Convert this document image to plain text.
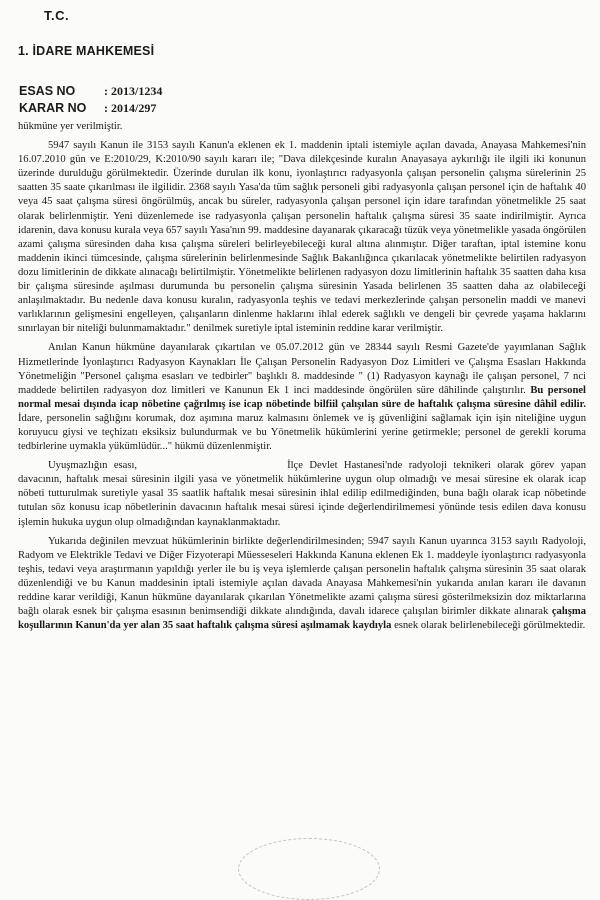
T.C.
1. İDARE MAHKEMESİ
ESAS NO : 2013/1234
KARAR NO : 2014/297

hükmüne yer verilmiştir.

5947 sayılı Kanun ile 3153 sayılı Kanun'a eklenen ek 1. maddenin iptali istemiyle açılan davada, Anayasa Mahkemesi'nin 16.07.2010 gün ve E:2010/29, K:2010/90 sayılı kararı ile; "Dava dilekçesinde kuralın Anayasaya aykırılığı ile ilgili iki konunun üzerinde durulduğu görülmektedir. Üzerinde durulan ilk konu, iyonlaştırıcı radyasyonla çalışan personelin çalışma sürelerinin 25 saatten 35 saate çıkarılması ile ilgilidir. 2368 sayılı Yasa'da tüm sağlık personeli gibi radyasyonla çalışan personel için de haftalık 40 veya 45 saat çalışma süresi öngörülmüş, ancak bu süreler, radyasyonla çalışan personel için idare tarafından yönetmelikle 25 saat olarak belirlenmiştir. Yeni düzenlemede ise radyasyonla çalışan personelin haftalık çalışma süresi 35 saate indirilmiştir. Ayrıca idarenin, dava konusu kurala veya 657 sayılı Yasa'nın 99. maddesine dayanarak çıkaracağı tüzük veya yönetmelikle yasada öngörülen azami çalışma süresinden daha kısa çalışma süreleri belirleyebileceği kural altına alınmıştır. Diğer taraftan, iptal istemine konu maddenin ikinci tümcesinde, çalışma sürelerinin belirlenmesinde Sağlık Bakanlığınca çıkarılacak yönetmelikte belirtilen radyasyon dozu limitlerinin de dikkate alınacağı belirtilmiştir. Yönetmelikte belirlenen radyasyon dozu limitlerinin haftalık 35 saatten daha kısa bir çalışma süresinde aşılması durumunda bu personelin çalışma süresinin Yasada belirlenen 35 saatten daha az olabileceği anlaşılmaktadır. Bu nedenle dava konusu kuralın, radyasyonla teşhis ve tedavi merkezlerinde çalışan personelin maddi ve manevi varlıklarının gelişmesini engelleyen, çalışanların dinlenme haklarını ihlal ederek sağlıklı ve dengeli bir çevrede yaşama haklarını sınırlayan bir niteliği bulunmamaktadır." denilmek suretiyle iptal isteminin reddine karar verilmiştir.

Anılan Kanun hükmüne dayanılarak çıkartılan ve 05.07.2012 gün ve 28344 sayılı Resmi Gazete'de yayımlanan Sağlık Hizmetlerinde İyonlaştırıcı Radyasyon Kaynakları İle Çalışan Personelin Radyasyon Doz Limitleri ve Çalışma Esasları Hakkında Yönetmeliğin "Personel çalışma esasları ve tedbirler" başlıklı 8. maddesinde " (1) Radyasyon kaynağı ile çalışan personel, 7 nci maddede belirtilen radyasyon doz limitleri ve Kanunun Ek 1 inci maddesinde öngörülen süre dâhilinde çalıştırılır. Bu personel normal mesai dışında icap nöbetine çağrılmış ise icap nöbetinde bilfiil çalışılan süre de haftalık çalışma süresine dâhil edilir. İdare, personelin sağlığını korumak, doz aşımına maruz kalmasını önlemek ve iş güvenliğini sağlamak için işin niteliğine uygun koruyucu giysi ve teçhizatı eksiksiz bulundurmak ve bu Yönetmelik hükümlerini yerine getirmekle; personel de gerekli koruma tedbirlerine uymakla yükümlüdür..." hükmü düzenlenmiştir.

Uyuşmazlığın esası,	İlçe Devlet Hastanesi'nde radyoloji teknikeri olarak görev yapan davacının, haftalık mesai süresinin ilgili yasa ve yönetmelik hükümlerine uygun olup olmadığı ve mesai süresine ek olarak icap nöbeti tutturulmak suretiyle yasal 35 saatlik haftalık mesai süresinin ihlal edilip edilmediğinden, buna bağlı olarak icap nöbetinde tutulan söz konusu icap nöbetlerinin davacının haftalık mesai süresi içinde değerlendirilmemesi yönünde tesis edilen dava konusu işlemin hukuka uygun olup olmadığından kaynaklanmaktadır.

Yukarıda değinilen mevzuat hükümlerinin birlikte değerlendirilmesinden; 5947 sayılı Kanun uyarınca 3153 sayılı Radyoloji, Radyom ve Elektrikle Tedavi ve Diğer Fizyoterapi Müesseseleri Hakkında Kanuna eklenen Ek 1. maddeyle iyonlaştırıcı radyasyonla teşhis, tedavi veya araştırmanın yapıldığı yerler ile bu iş veya işlemlerde çalışan personelin haftalık çalışma süresinin 35 saat olarak düzenlendiği ve bu Kanun maddesinin iptali istemiyle açılan davada Anayasa Mahkemesi'nin yukarıda anılan kararı ile davanın reddine karar verildiği, Kanun hükmüne dayanılarak çıkarılan Yönetmelikte azami çalışma süresi gösterilmeksizin doz miktarlarına bağlı olarak esnek bir çalışma esasının benimsendiği dikkate alındığında, davalı idarece çalışılan birimler dikkate alınarak çalışma koşullarının Kanun'da yer alan 35 saat haftalık çalışma süresi aşılmamak kaydıyla esnek olarak belirlenebileceği görülmektedir.
